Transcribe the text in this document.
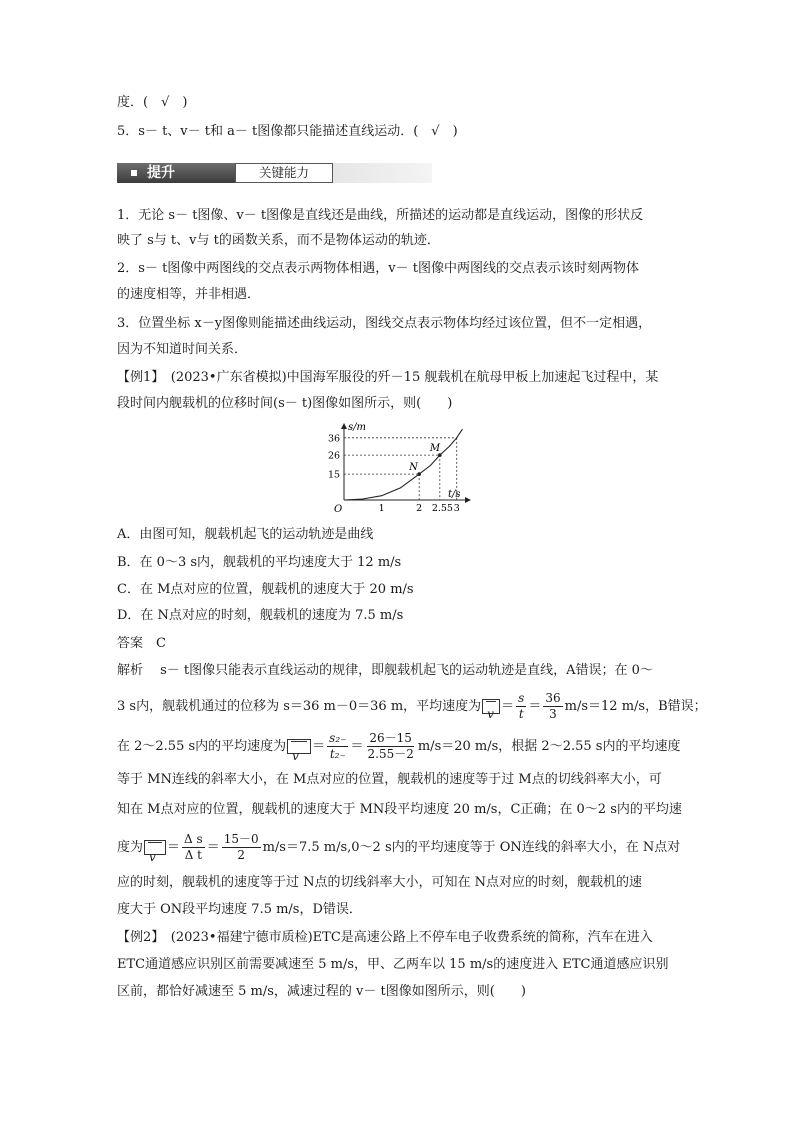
度．(　√　)
5．s－ t、v－ t和 a－ t图像都只能描述直线运动．(　√　)
提升	关键能力
1．无论 s－ t图像、v－ t图像是直线还是曲线，所描述的运动都是直线运动，图像的形状反
映了 s与 t、v与 t的函数关系，而不是物体运动的轨迹．
2．s－ t图像中两图线的交点表示两物体相遇，v－ t图像中两图线的交点表示该时刻两物体
的速度相等，并非相遇．
3．位置坐标 x－y图像则能描述曲线运动，图线交点表示物体均经过该位置，但不一定相遇，
因为不知道时间关系．
【例1】　(2023•广东省模拟)中国海军服役的歼－15 舰载机在航母甲板上加速起飞过程中，某
段时间内舰载机的位移时间(s－ t)图像如图所示，则(　　)
s/m
t/s
O
N
M
1	2 2.55 3
15
26
36
A．由图可知，舰载机起飞的运动轨迹是曲线
B．在 0～3 s内，舰载机的平均速度大于 12 m/s
C．在 M点对应的位置，舰载机的速度大于 20 m/s
D．在 N点对应的时刻，舰载机的速度为 7.5 m/s
答案　C
解析　 s－ t图像只能表示直线运动的规律，即舰载机起飞的运动轨迹是直线，A错误；在 0～
3 s内，舰载机通过的位移为 s＝36 m－0＝36 m，平均速度为 $v = \frac{s}{t} = \frac{36}{3} m/s=12$ m/s，B错误；
在 2～2.55 s内的平均速度为 $v = \frac{\text{s₂₋}}{\text{t₂₋}} = \frac{26-15}{2.55-2} m/s=20$ m/s，根据 2～2.55 s内的平均速度
等于 MN连线的斜率大小，在 M点对应的位置，舰载机的速度等于过 M点的切线斜率大小，可
知在 M点对应的位置，舰载机的速度大于 MN段平均速度 20 m/s，C正确；在 0～2 s内的平均速
度为 $v = \frac{\text{Δ s}}{\text{Δ t}} = \frac{15-0}{2} m/s=7.5$ m/s,0～2 s内的平均速度等于 ON连线的斜率大小，在 N点对
应的时刻，舰载机的速度等于过 N点的切线斜率大小，可知在 N点对应的时刻，舰载机的速
度大于 ON段平均速度 7.5 m/s，D错误．
【例2】　(2023•福建宁德市质检)ETC是高速公路上不停车电子收费系统的简称，汽车在进入
ETC通道感应识别区前需要减速至 5 m/s，甲、乙两车以 15 m/s的速度进入 ETC通道感应识别
区前，都恰好减速至 5 m/s，减速过程的 v－ t图像如图所示，则(　　)
